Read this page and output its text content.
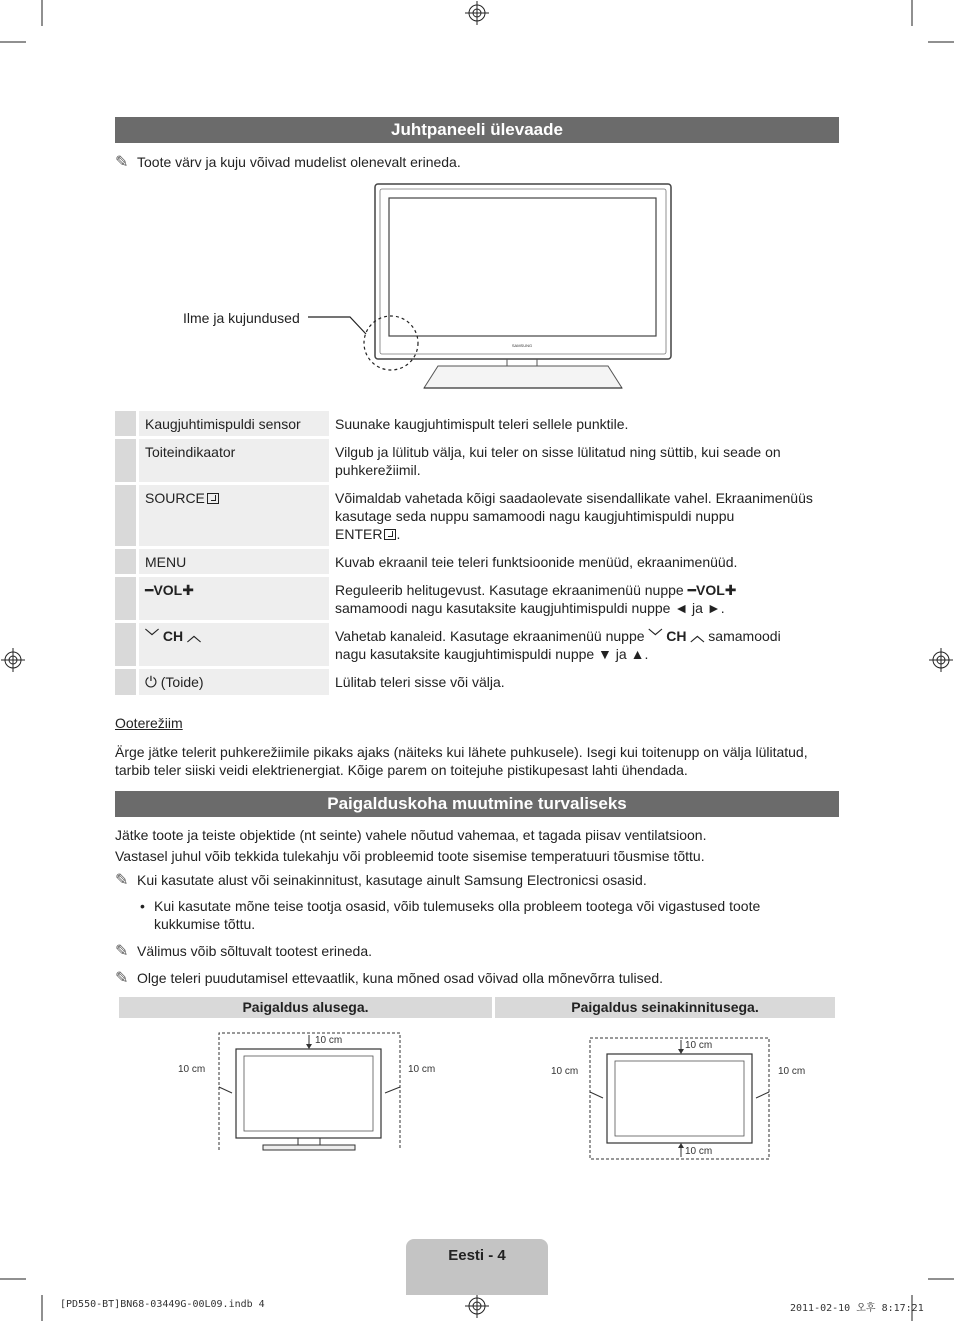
Juhtpaneeli ülevaade
✎ Toote värv ja kuju võivad mudelist olenevalt erineda.
SAMSUNG
Ilme ja kujundused
	Kaugjuhtimispuldi sensor	Suunake kaugjuhtimispult teleri sellele punktile.
	Toiteindikaator	Vilgub ja lülitub välja, kui teler on sisse lülitatud ning süttib, kui seade on puhkerežiimil.
	SOURCE	Võimaldab vahetada kõigi saadaolevate sisendallikate vahel. Ekraanimenüüs kasutage seda nuppu samamoodi nagu kaugjuhtimispuldi nuppu
ENTER .
	MENU	Kuvab ekraanil teie teleri funktsioonide menüüd, ekraanimenüüd.
	━VOL✚	Reguleerib helitugevust. Kasutage ekraanimenüü nuppe ━VOL✚
samamoodi nagu kasutaksite kaugjuhtimispuldi nuppe ◄ ja ►.
	﹀ CH ︿	Vahetab kanaleid. Kasutage ekraanimenüü nuppe ﹀ CH ︿ samamoodi
nagu kasutaksite kaugjuhtimispuldi nuppe ▼ ja ▲.
	⏻ (Toide)	Lülitab teleri sisse või välja.
Ooterežiim
Ärge jätke telerit puhkerežiimile pikaks ajaks (näiteks kui lähete puhkusele). Isegi kui toitenupp on välja lülitatud, tarbib teler siiski veidi elektrienergiat. Kõige parem on toitejuhe pistikupesast lahti ühendada.
Paigalduskoha muutmine turvaliseks
Jätke toote ja teiste objektide (nt seinte) vahele nõutud vahemaa, et tagada piisav ventilatsioon.
Vastasel juhul võib tekkida tulekahju või probleemid toote sisemise temperatuuri tõusmise tõttu.
✎ Kui kasutate alust või seinakinnitust, kasutage ainult Samsung Electronicsi osasid.
• Kui kasutate mõne teise tootja osasid, võib tulemuseks olla probleem tootega või vigastused toote kukkumise tõttu.
✎ Välimus võib sõltuvalt tootest erineda.
✎ Olge teleri puudutamisel ettevaatlik, kuna mõned osad võivad olla mõnevõrra tulised.
Paigaldus alusega.	Paigaldus seinakinnitusega.
10 cm
10 cm	10 cm
10 cm
10 cm	10 cm
10 cm
Eesti - 4
[PD550-BT]BN68-03449G-00L09.indb 4	2011-02-10 오후 8:17:21
